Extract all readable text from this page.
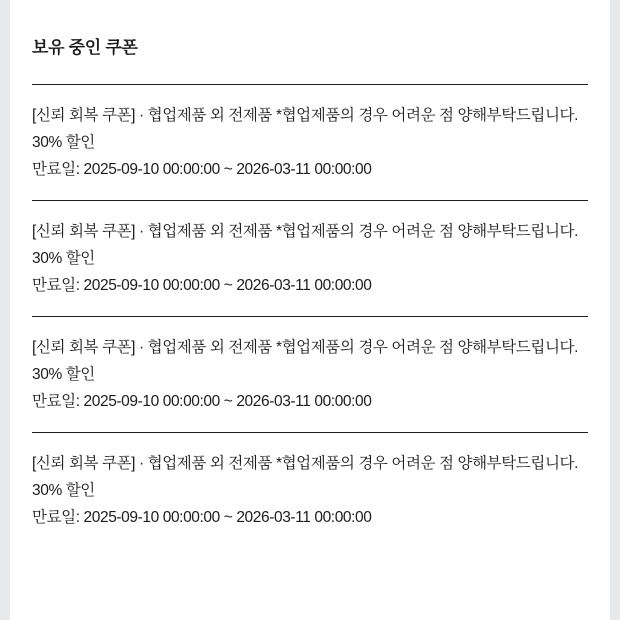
보유 중인 쿠폰
[신뢰 회복 쿠폰] · 협업제품 외 전제품 *협업제품의 경우 어려운 점 양해부탁드립니다.
30% 할인
만료일: 2025-09-10 00:00:00 ~ 2026-03-11 00:00:00
[신뢰 회복 쿠폰] · 협업제품 외 전제품 *협업제품의 경우 어려운 점 양해부탁드립니다.
30% 할인
만료일: 2025-09-10 00:00:00 ~ 2026-03-11 00:00:00
[신뢰 회복 쿠폰] · 협업제품 외 전제품 *협업제품의 경우 어려운 점 양해부탁드립니다.
30% 할인
만료일: 2025-09-10 00:00:00 ~ 2026-03-11 00:00:00
[신뢰 회복 쿠폰] · 협업제품 외 전제품 *협업제품의 경우 어려운 점 양해부탁드립니다.
30% 할인
만료일: 2025-09-10 00:00:00 ~ 2026-03-11 00:00:00
